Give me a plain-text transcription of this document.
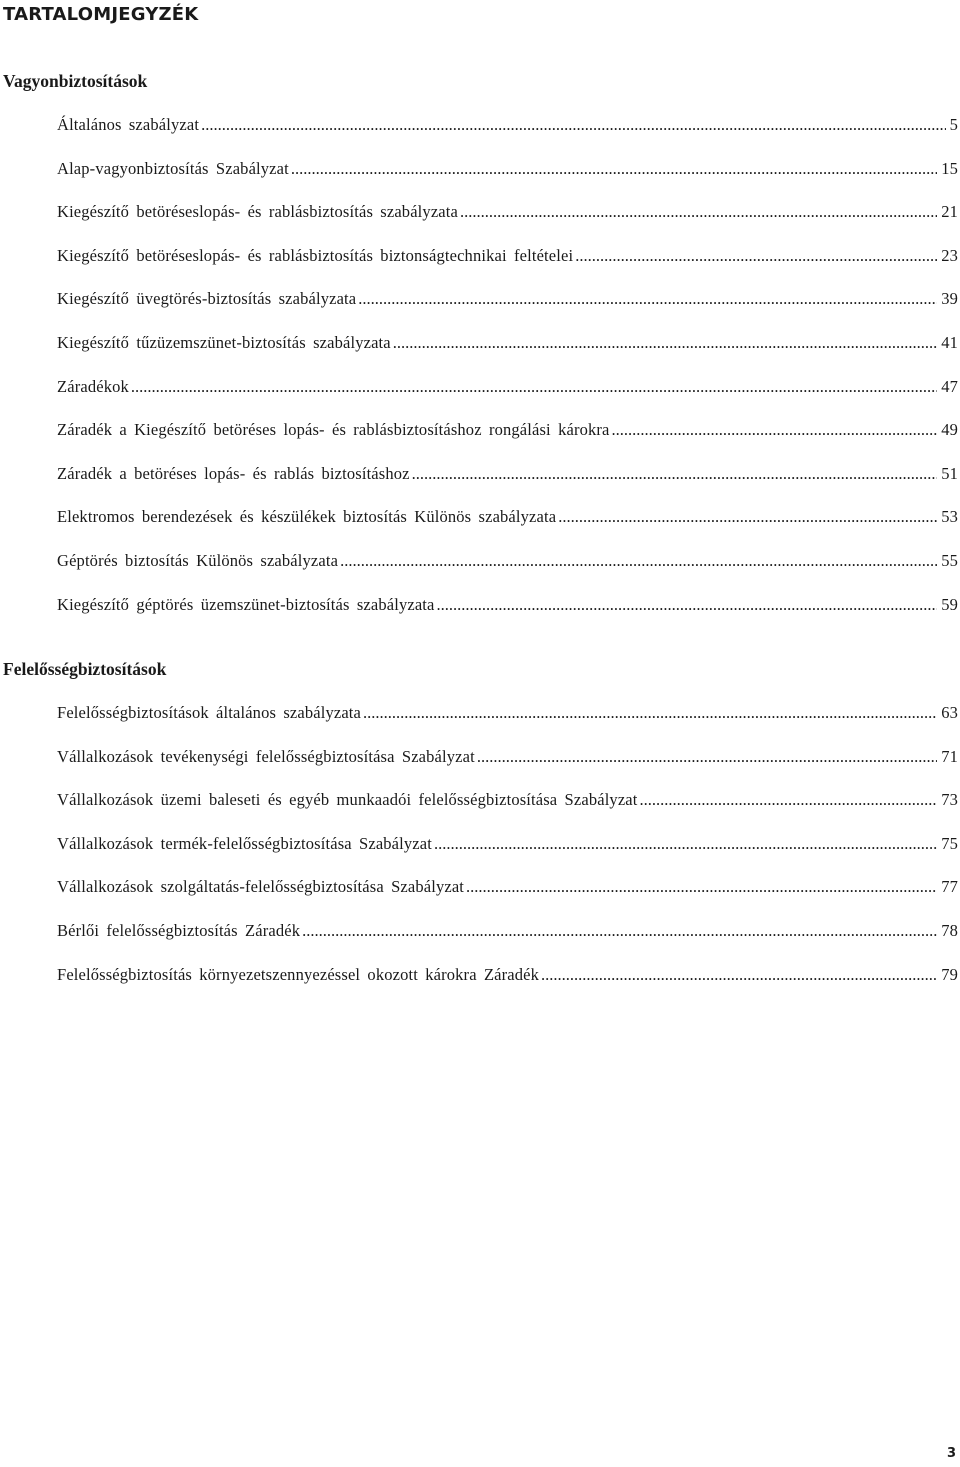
TARTALOMJEGYZÉK
Vagyonbiztosítások
Általános szabályzat .....	5
Alap-vagyonbiztosítás Szabályzat .....	15
Kiegészítő betöréseslopás- és rablásbiztosítás szabályzata .....	21
Kiegészítő betöréseslopás- és rablásbiztosítás biztonságtechnikai feltételei .....	23
Kiegészítő üvegtörés-biztosítás szabályzata .....	39
Kiegészítő tűzüzemszünet-biztosítás szabályzata .....	41
Záradékok .....	47
Záradék a Kiegészítő betöréses lopás- és rablásbiztosításhoz rongálási károkra .....	49
Záradék a betöréses lopás- és rablás biztosításhoz .....	51
Elektromos berendezések és készülékek biztosítás Különös szabályzata .....	53
Géptörés biztosítás Különös szabályzata .....	55
Kiegészítő géptörés üzemszünet-biztosítás szabályzata .....	59
Felelősségbiztosítások
Felelősségbiztosítások általános szabályzata .....	63
Vállalkozások tevékenységi felelősségbiztosítása Szabályzat .....	71
Vállalkozások üzemi baleseti és egyéb munkaadói felelősségbiztosítása Szabályzat .....	73
Vállalkozások termék-felelősségbiztosítása Szabályzat .....	75
Vállalkozások szolgáltatás-felelősségbiztosítása Szabályzat .....	77
Bérlői felelősségbiztosítás Záradék .....	78
Felelősségbiztosítás környezetszennyezéssel okozott károkra Záradék .....	79
3
